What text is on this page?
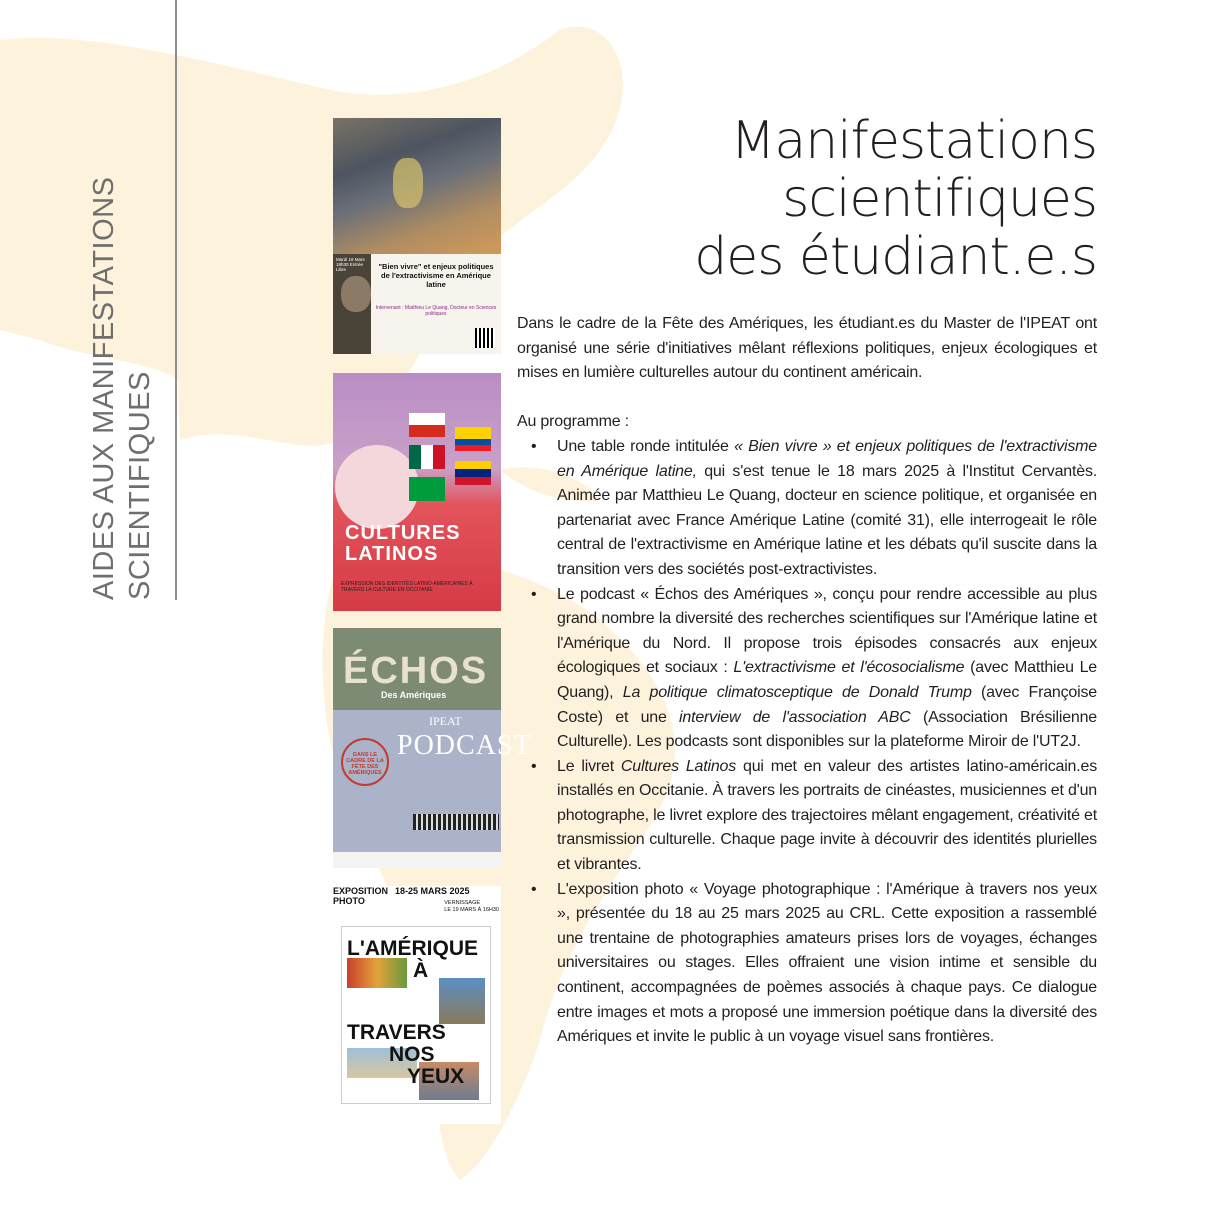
AIDES AUX MANIFESTATIONS SCIENTIFIQUES
Mardi 18 Mars 18h30 Entrée Libre	"Bien vivre" et enjeux politiques de l'extractivisme en Amérique latine
Intervenant : Matthieu Le Quang, Docteur en Sciences politiques
CULTURES
LATINOS
EXPRESSION DES IDENTITÉS LATINO-AMÉRICAINES À TRAVERS LA CULTURE EN OCCITANIE
ÉCHOS
Des Amériques
IPEAT
PODCAST
DANS LE CADRE DE LA FÊTE DES AMÉRIQUES
EXPOSITION
PHOTO
18-25 MARS 2025
VERNISSAGE
LE 19 MARS À 16H30
L'AMÉRIQUE
À
TRAVERS
NOS
YEUX
Manifestations
scientifiques
des étudiant.e.s

Dans le cadre de la Fête des Amériques, les étudiant.es du Master de l'IPEAT ont organisé une série d'initiatives mêlant réflexions politiques, enjeux écologiques et mises en lumière culturelles autour du continent américain.

Au programme :

• Une table ronde intitulée « Bien vivre » et enjeux politiques de l'extractivisme en Amérique latine, qui s'est tenue le 18 mars 2025 à l'Institut Cervantès. Animée par Matthieu Le Quang, docteur en science politique, et organisée en partenariat avec France Amérique Latine (comité 31), elle interrogeait le rôle central de l'extractivisme en Amérique latine et les débats qu'il suscite dans la transition vers des sociétés post-extractivistes.
• Le podcast « Échos des Amériques », conçu pour rendre accessible au plus grand nombre la diversité des recherches scientifiques sur l'Amérique latine et l'Amérique du Nord. Il propose trois épisodes consacrés aux enjeux écologiques et sociaux : L'extractivisme et l'écosocialisme (avec Matthieu Le Quang), La politique climatosceptique de Donald Trump (avec Françoise Coste) et une interview de l'association ABC (Association Brésilienne Culturelle). Les podcasts sont disponibles sur la plateforme Miroir de l'UT2J.
• Le livret Cultures Latinos qui met en valeur des artistes latino-américain.es installés en Occitanie. À travers les portraits de cinéastes, musiciennes et d'un photographe, le livret explore des trajectoires mêlant engagement, créativité et transmission culturelle. Chaque page invite à découvrir des identités plurielles et vibrantes.
• L'exposition photo « Voyage photographique : l'Amérique à travers nos yeux », présentée du 18 au 25 mars 2025 au CRL. Cette exposition a rassemblé une trentaine de photographies amateurs prises lors de voyages, échanges universitaires ou stages. Elles offraient une vision intime et sensible du continent, accompagnées de poèmes associés à chaque pays. Ce dialogue entre images et mots a proposé une immersion poétique dans la diversité des Amériques et invite le public à un voyage visuel sans frontières.
